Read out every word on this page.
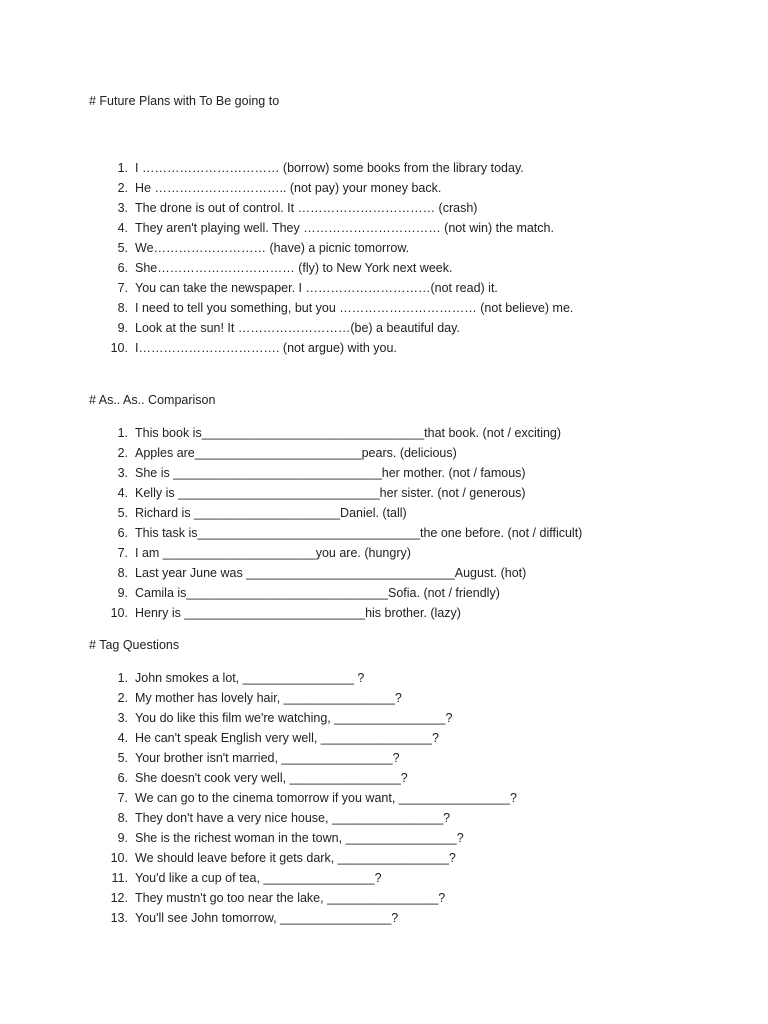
# Future Plans with To Be going to
1. I …………………………… (borrow) some books from the library today.
2. He ………………………….. (not pay) your money back.
3. The drone is out of control. It …………………………… (crash)
4. They aren't playing well. They …………………………… (not win) the match.
5. We……………………… (have) a picnic tomorrow.
6. She…………………………… (fly) to New York next week.
7. You can take the newspaper. I …………………………(not read) it.
8. I need to tell you something, but you …………………………… (not believe) me.
9. Look at the sun! It ………………………(be) a beautiful day.
10. I……………………………. (not argue) with you.
# As.. As.. Comparison
1. This book is________________________________that book. (not / exciting)
2. Apples are________________________pears. (delicious)
3. She is ______________________________her mother. (not / famous)
4. Kelly is _____________________________her sister. (not / generous)
5. Richard is _____________________Daniel. (tall)
6. This task is________________________________the one before. (not / difficult)
7. I am ______________________you are. (hungry)
8. Last year June was ______________________________August. (hot)
9. Camila is_____________________________Sofia. (not / friendly)
10. Henry is __________________________his brother. (lazy)
# Tag Questions
1. John smokes a lot, ________________ ?
2. My mother has lovely hair, ________________?
3. You do like this film we're watching, ________________?
4. He can't speak English very well, ________________?
5. Your brother isn't married, ________________?
6. She doesn't cook very well, ________________?
7. We can go to the cinema tomorrow if you want, ________________?
8. They don't have a very nice house, ________________?
9. She is the richest woman in the town, ________________?
10. We should leave before it gets dark, ________________?
11. You'd like a cup of tea, ________________?
12. They mustn't go too near the lake, ________________?
13. You'll see John tomorrow, ________________?
